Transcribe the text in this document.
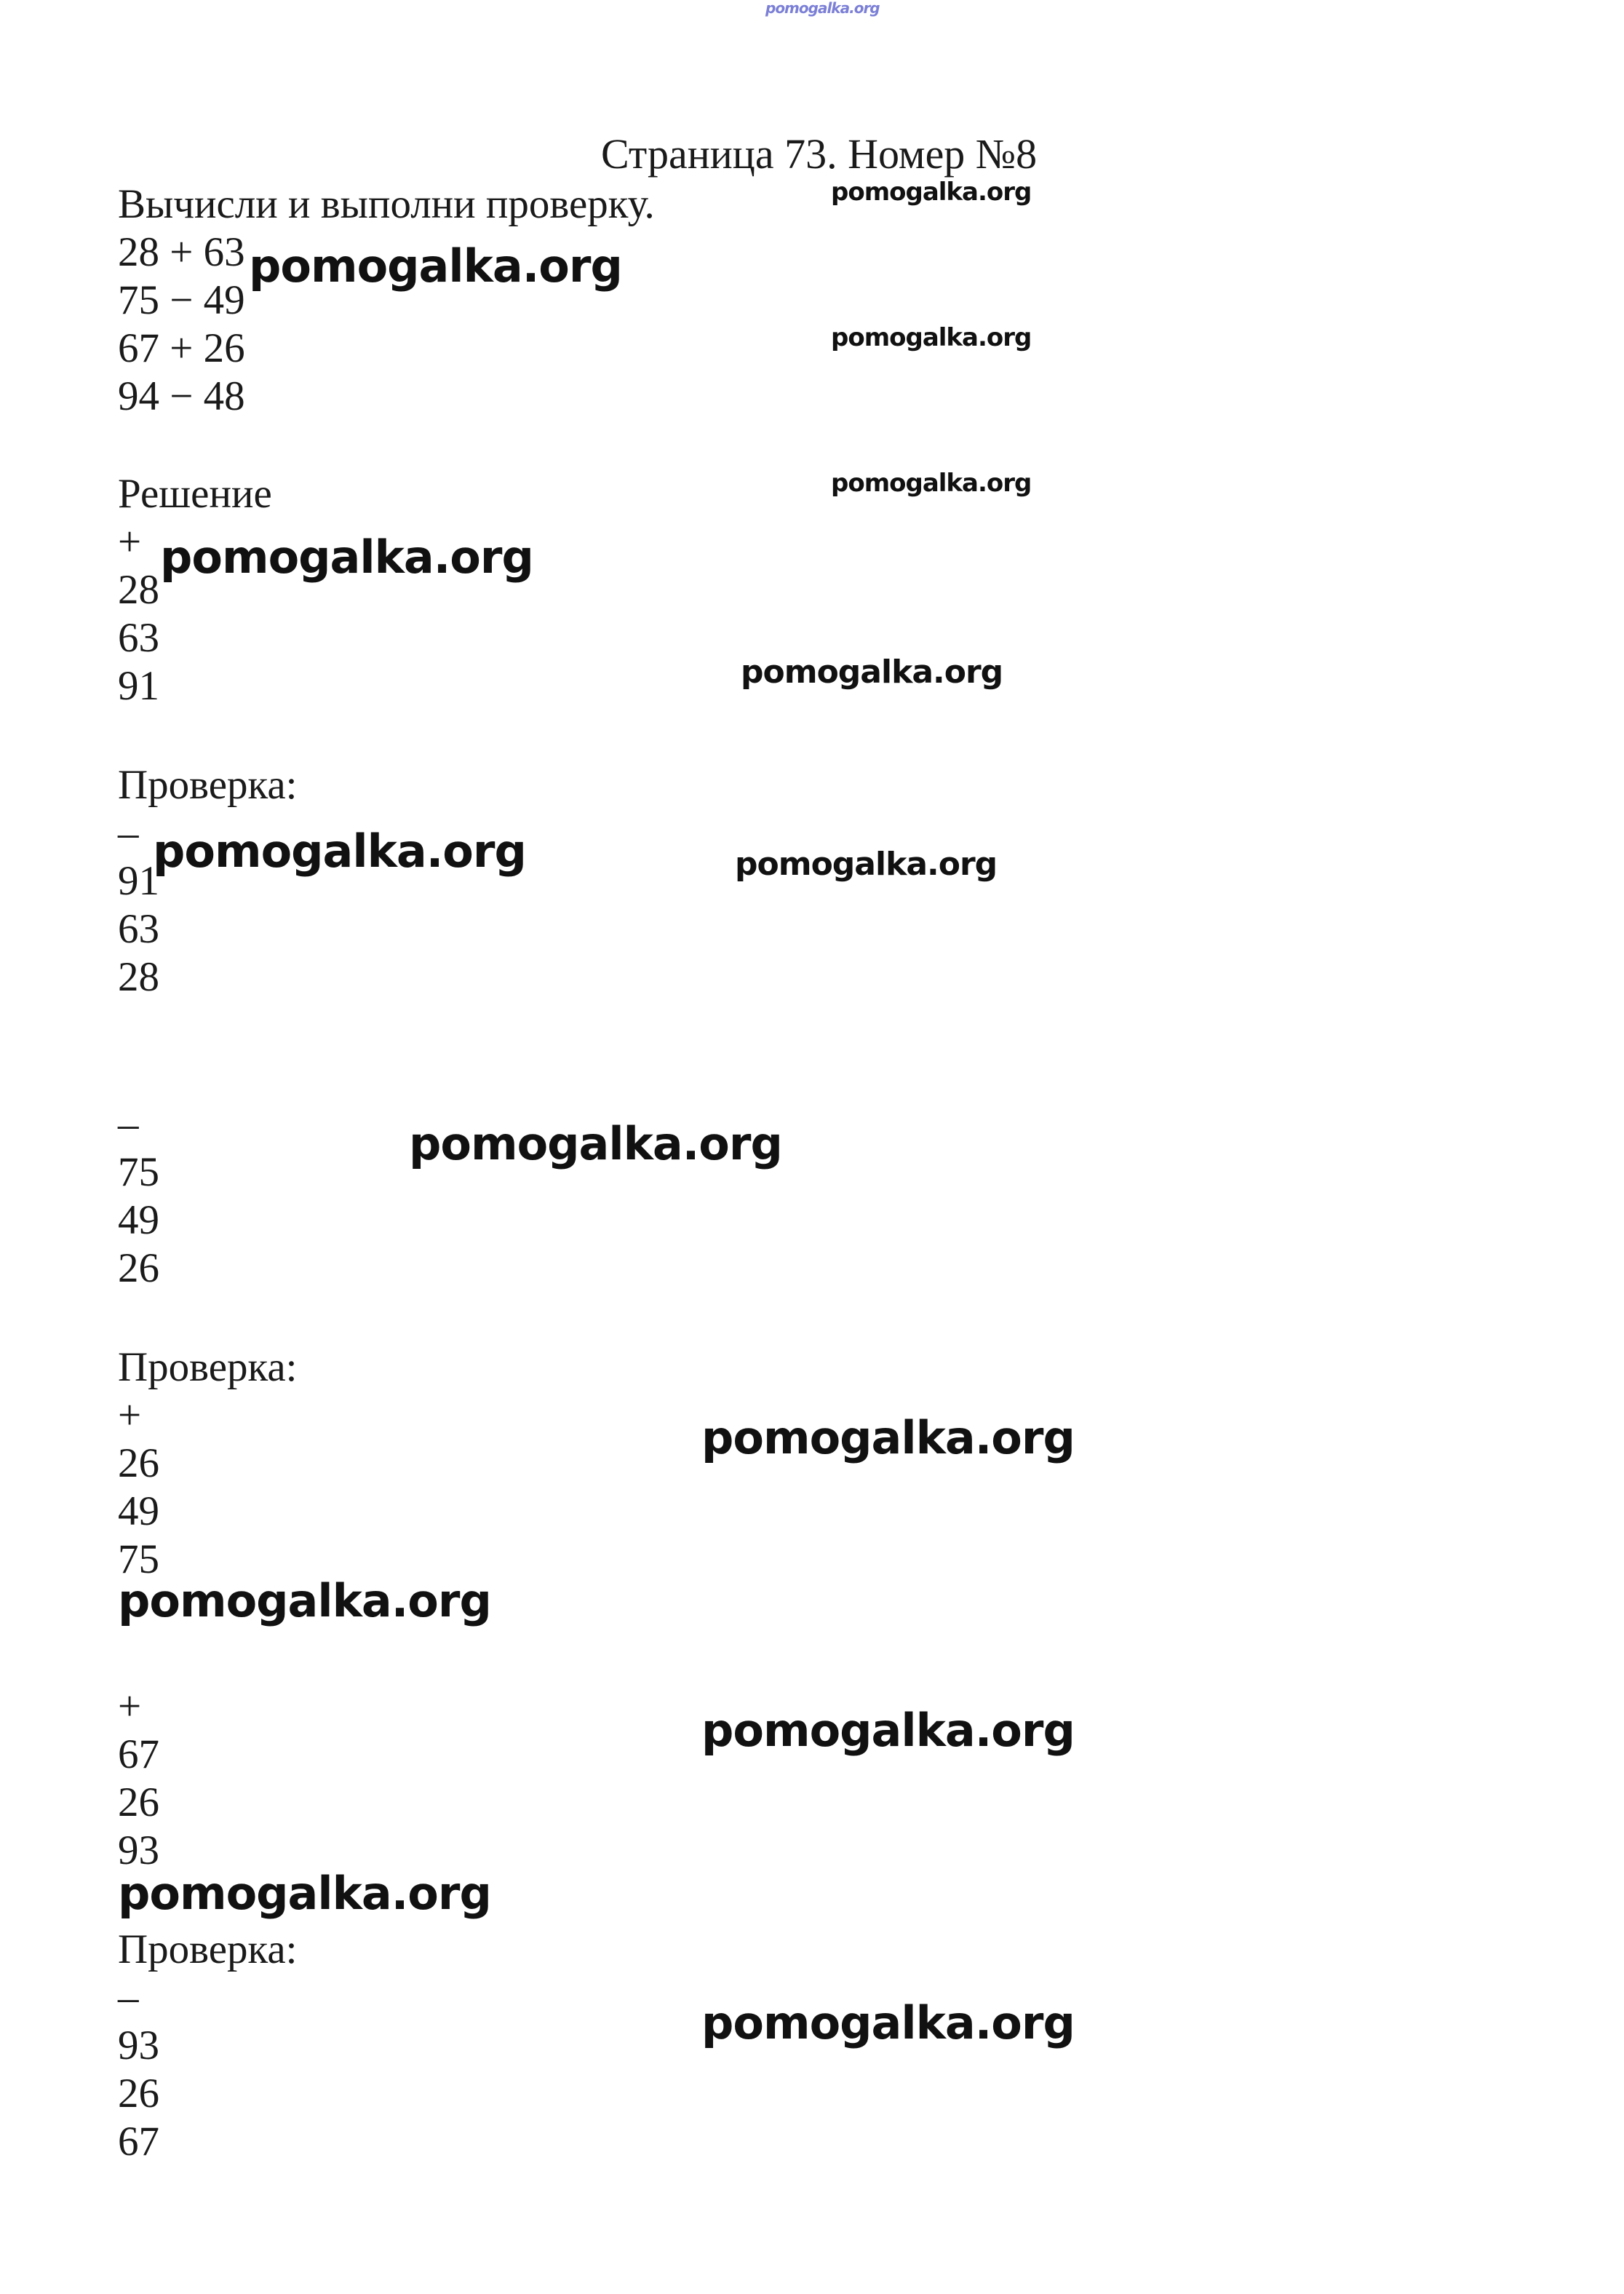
pomogalka.org
Страница 73. Номер №8
Вычисли и выполни проверку.
28 + 63
75 − 49
67 + 26
94 − 48
Решение
+
28
63
91
Проверка:
–
91
63
28
–
75
49
26
Проверка:
+
26
49
75
+
67
26
93
Проверка:
–
93
26
67
pomogalka.org
pomogalka.org
pomogalka.org
pomogalka.org
pomogalka.org
pomogalka.org
pomogalka.org	pomogalka.org
pomogalka.org
pomogalka.org
pomogalka.org
pomogalka.org
pomogalka.org
pomogalka.org
